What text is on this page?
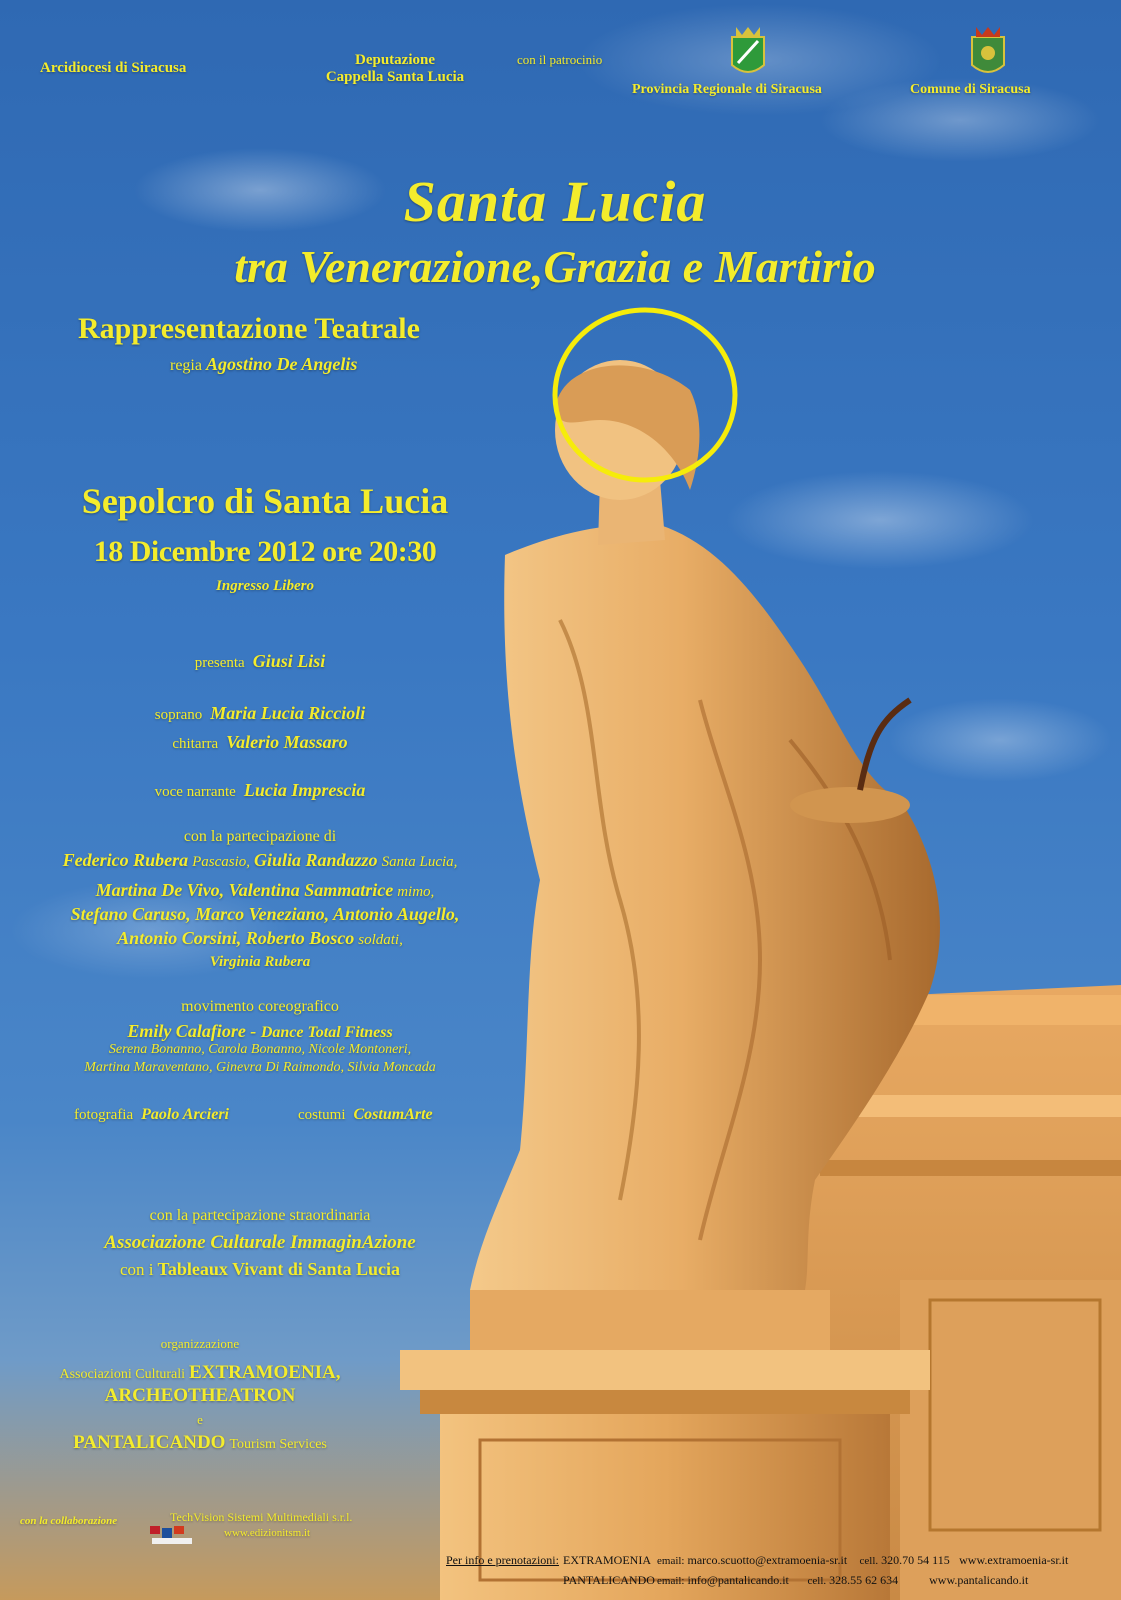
Arcidiocesi di Siracusa	Deputazione
Cappella Santa Lucia
con il patrocinio
Provincia Regionale di Siracusa	Comune di Siracusa
Santa Lucia
tra Venerazione,Grazia e Martirio
Rappresentazione Teatrale
regia Agostino De Angelis
Sepolcro di Santa Lucia
18 Dicembre 2012 ore 20:30
Ingresso Libero
presenta Giusi Lisi
soprano Maria Lucia Riccioli
chitarra Valerio Massaro
voce narrante Lucia Imprescia
con la partecipazione di
Federico Rubera Pascasio, Giulia Randazzo Santa Lucia,
Martina De Vivo, Valentina Sammatrice mimo,
Stefano Caruso, Marco Veneziano, Antonio Augello,
Antonio Corsini, Roberto Bosco soldati,
Virginia Rubera
movimento coreografico
Emily Calafiore - Dance Total Fitness
Serena Bonanno, Carola Bonanno, Nicole Montoneri,
Martina Maraventano, Ginevra Di Raimondo, Silvia Moncada
fotografia Paolo Arcieri	costumi CostumArte
con la partecipazione straordinaria
Associazione Culturale ImmaginAzione
con i Tableaux Vivant di Santa Lucia
organizzazione
Associazioni Culturali EXTRAMOENIA,
ARCHEOTHEATRON
e
PANTALICANDO Tourism Services
con la collaborazione	TechVision Sistemi Multimediali s.r.l.
www.edizionitsm.it
Per info e prenotazioni: EXTRAMOENIA email: marco.scuotto@extramoenia-sr.it cell. 320.70 54 115 www.extramoenia-sr.it
PANTALICANDO email: info@pantalicando.it cell. 328.55 62 634	www.pantalicando.it
